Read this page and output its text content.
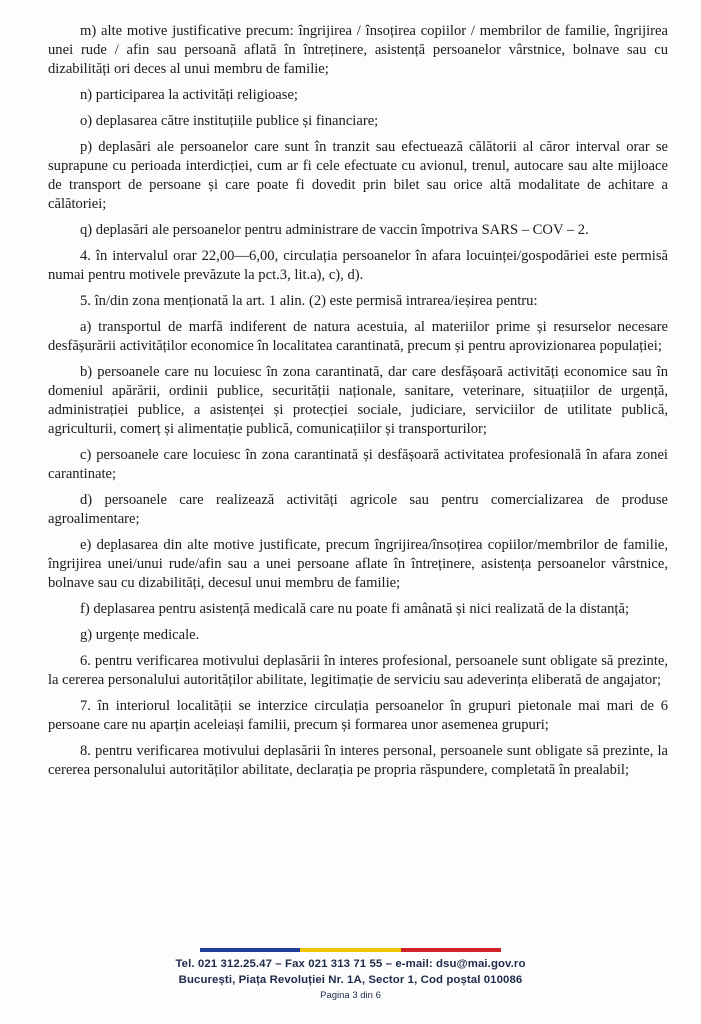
m) alte motive justificative precum: îngrijirea / însoțirea copiilor / membrilor de familie, îngrijirea unei rude / afin sau persoană aflată în întreținere, asistență persoanelor vârstnice, bolnave sau cu dizabilități ori deces al unui membru de familie;

n) participarea la activități religioase;

o) deplasarea către instituțiile publice și financiare;

p) deplasări ale persoanelor care sunt în tranzit sau efectuează călătorii al căror interval orar se suprapune cu perioada interdicției, cum ar fi cele efectuate cu avionul, trenul, autocare sau alte mijloace de transport de persoane și care poate fi dovedit prin bilet sau orice altă modalitate de achitare a călătoriei;

q) deplasări ale persoanelor pentru administrare de vaccin împotriva SARS – COV – 2.

4. în intervalul orar 22,00—6,00, circulația persoanelor în afara locuinței/gospodăriei este permisă numai pentru motivele prevăzute la pct.3, lit.a), c), d).

5. în/din zona menționată la art. 1 alin. (2) este permisă intrarea/ieșirea pentru:

a) transportul de marfă indiferent de natura acestuia, al materiilor prime și resurselor necesare desfășurării activităților economice în localitatea carantinată, precum și pentru aprovizionarea populației;

b) persoanele care nu locuiesc în zona carantinată, dar care desfășoară activități economice sau în domeniul apărării, ordinii publice, securității naționale, sanitare, veterinare, situațiilor de urgență, administrației publice, a asistenței și protecției sociale, judiciare, serviciilor de utilitate publică, agriculturii, comerț și alimentație publică, comunicațiilor și transporturilor;

c) persoanele care locuiesc în zona carantinată și desfășoară activitatea profesională în afara zonei carantinate;

d) persoanele care realizează activități agricole sau pentru comercializarea de produse agroalimentare;

e) deplasarea din alte motive justificate, precum îngrijirea/însoțirea copiilor/membrilor de familie, îngrijirea unei/unui rude/afin sau a unei persoane aflate în întreținere, asistența persoanelor vârstnice, bolnave sau cu dizabilități, decesul unui membru de familie;

f) deplasarea pentru asistență medicală care nu poate fi amânată și nici realizată de la distanță;

g) urgențe medicale.

6. pentru verificarea motivului deplasării în interes profesional, persoanele sunt obligate să prezinte, la cererea personalului autorităților abilitate, legitimație de serviciu sau adeverința eliberată de angajator;

7. în interiorul localității se interzice circulația persoanelor în grupuri pietonale mai mari de 6 persoane care nu aparțin aceleiași familii, precum și formarea unor asemenea grupuri;

8. pentru verificarea motivului deplasării în interes personal, persoanele sunt obligate să prezinte, la cererea personalului autorităților abilitate, declarația pe propria răspundere, completată în prealabil;

Tel. 021 312.25.47 – Fax 021 313 71 55 – e-mail: dsu@mai.gov.ro
București, Piața Revoluției Nr. 1A, Sector 1, Cod poștal 010086
Pagina 3 din 6
